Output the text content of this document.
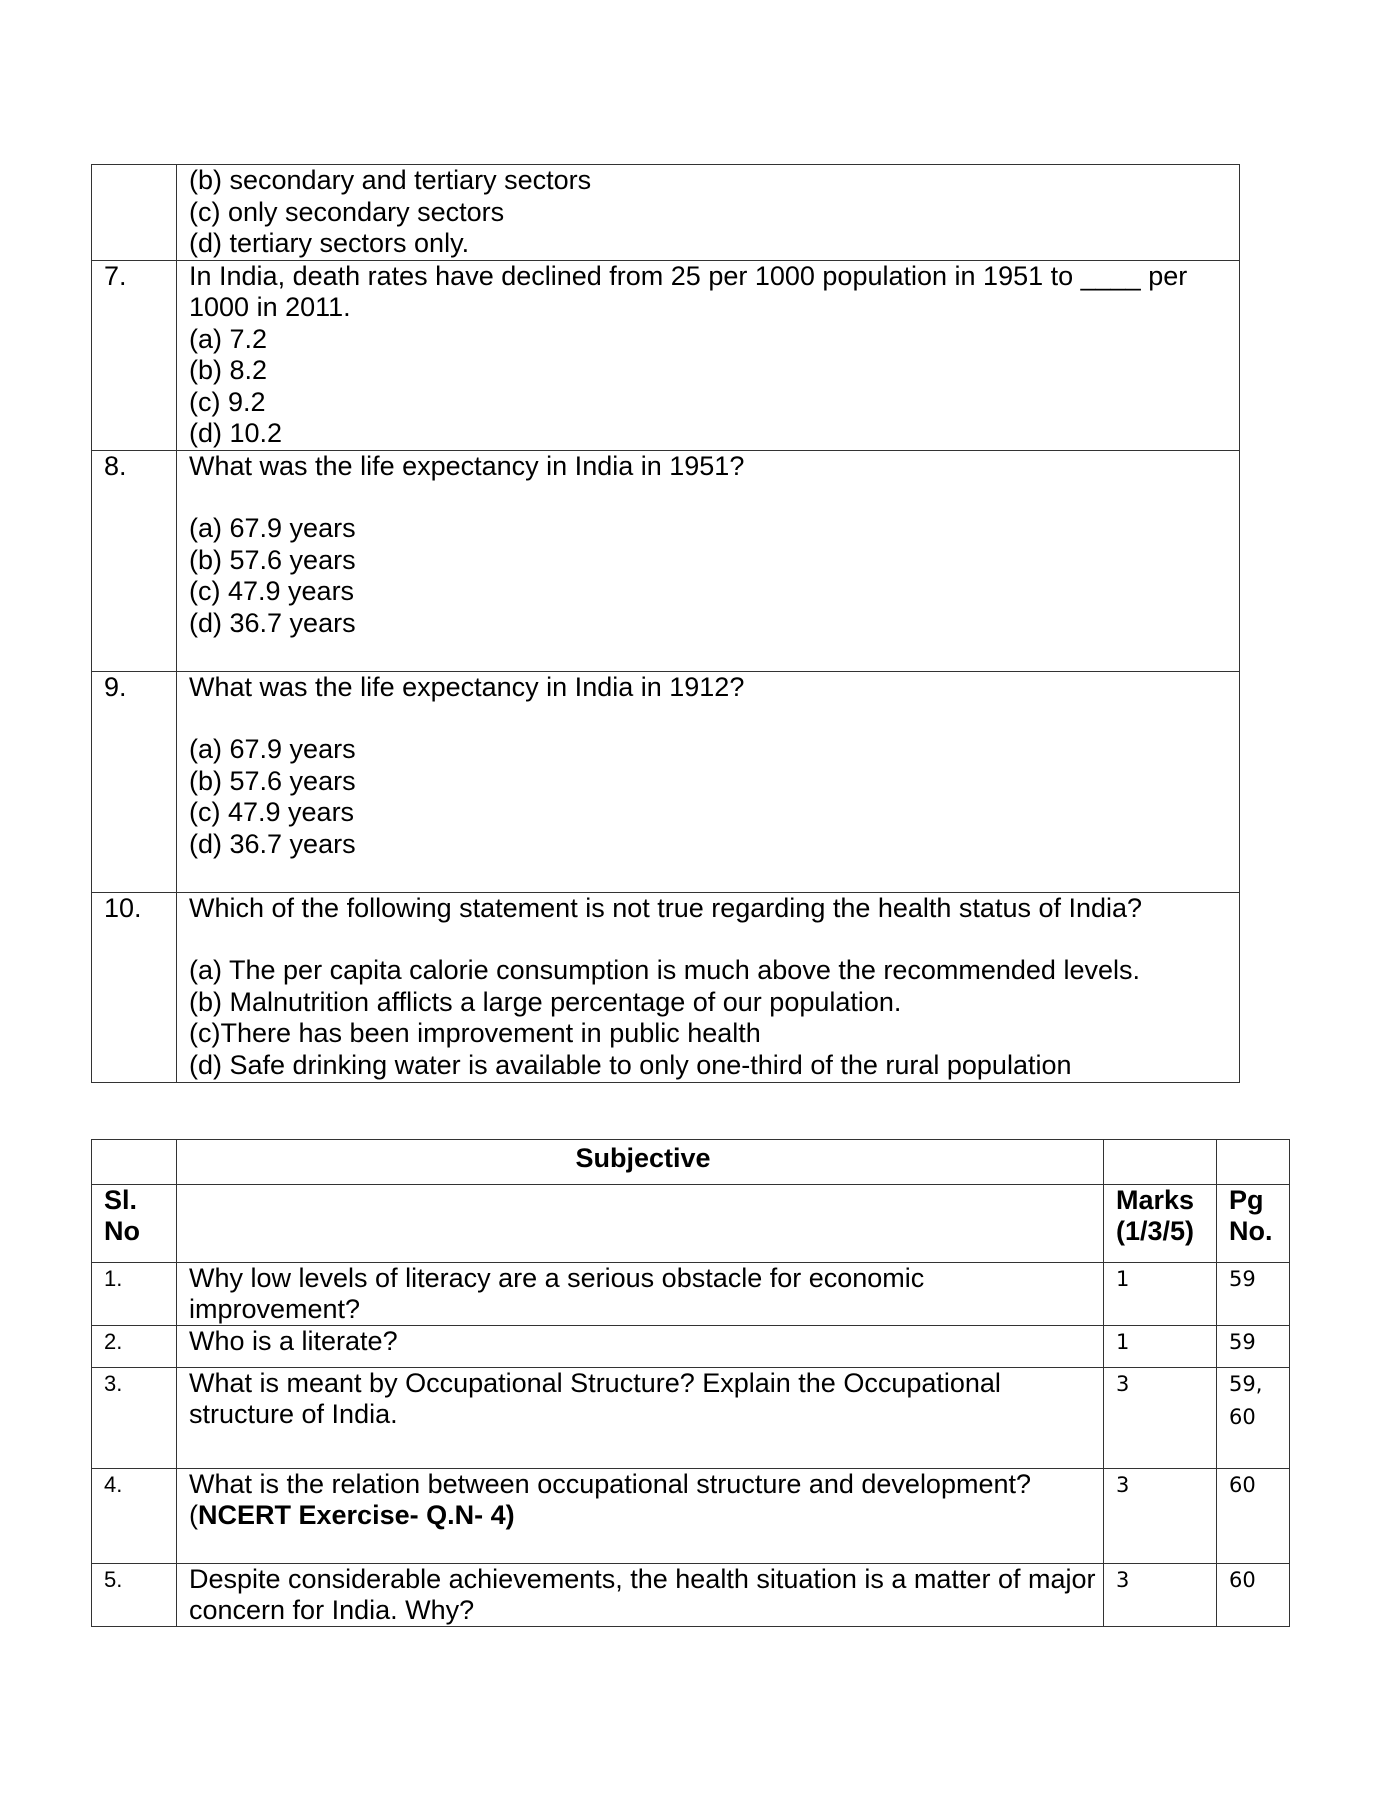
	(b) secondary and tertiary sectors
(c) only secondary sectors
(d) tertiary sectors only.

7.	In India, death rates have declined from 25 per 1000 population in 1951 to ____ per 1000 in 2011.
(a) 7.2
(b) 8.2
(c) 9.2
(d) 10.2

8.	What was the life expectancy in India in 1951?
(a) 67.9 years
(b) 57.6 years
(c) 47.9 years
(d) 36.7 years

9.	What was the life expectancy in India in 1912?
(a) 67.9 years
(b) 57.6 years
(c) 47.9 years
(d) 36.7 years

10.	Which of the following statement is not true regarding the health status of India?
(a) The per capita calorie consumption is much above the recommended levels.
(b) Malnutrition afflicts a large percentage of our population.
(c)There has been improvement in public health
(d) Safe drinking water is available to only one-third of the rural population
	Subjective		
Sl. No		Marks (1/3/5)	Pg No.
1.	Why low levels of literacy are a serious obstacle for economic improvement?	1	59
2.	Who is a literate?	1	59
3.	What is meant by Occupational Structure? Explain the Occupational structure of India.	3	59, 60
4.	What is the relation between occupational structure and development?
(NCERT Exercise- Q.N- 4)	3	60
5.	Despite considerable achievements, the health situation is a matter of major concern for India. Why?	3	60
